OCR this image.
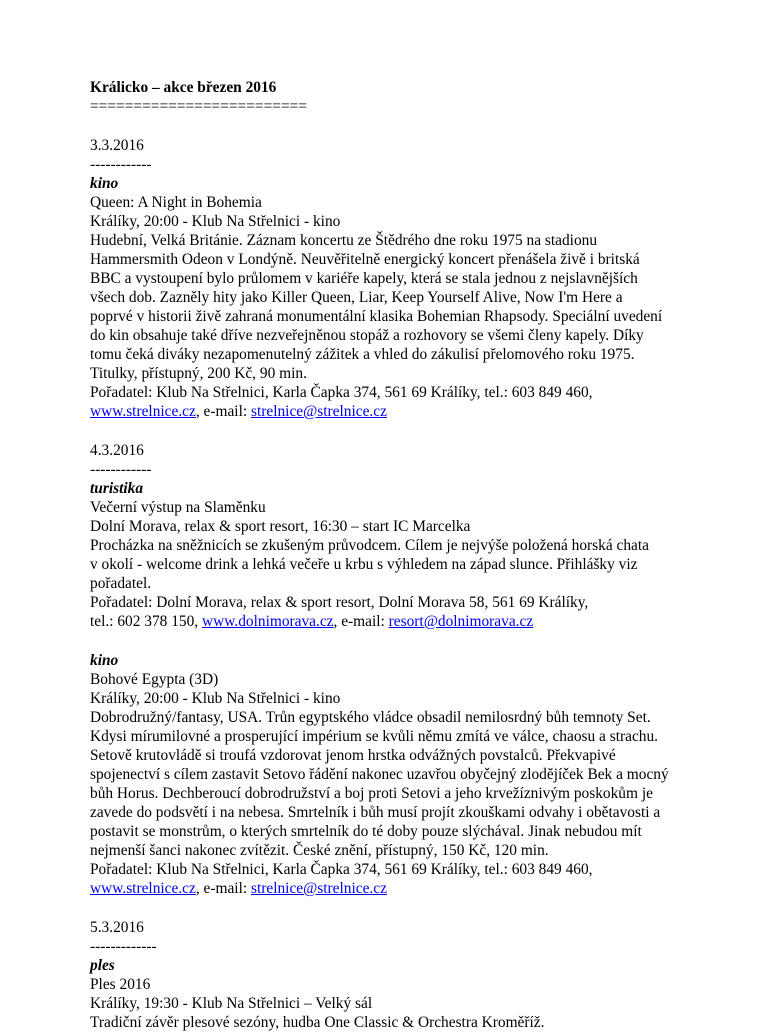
Králicko – akce březen 2016
=========================
3.3.2016
------------
kino
Queen: A Night in Bohemia
Králíky, 20:00 - Klub Na Střelnici - kino
Hudební, Velká Británie. Záznam koncertu ze Štědrého dne roku 1975 na stadionu
Hammersmith Odeon v Londýně. Neuvěřitelně energický koncert přenášela živě i britská
BBC a vystoupení bylo průlomem v kariéře kapely, která se stala jednou z nejslavnějších
všech dob. Zazněly hity jako Killer Queen, Liar, Keep Yourself Alive, Now I'm Here a
poprvé v historii živě zahraná monumentální klasika Bohemian Rhapsody. Speciální uvedení
do kin obsahuje také dříve nezveřejněnou stopáž a rozhovory se všemi členy kapely. Díky
tomu čeká diváky nezapomenutelný zážitek a vhled do zákulisí přelomového roku 1975.
Titulky, přístupný, 200 Kč, 90 min.
Pořadatel: Klub Na Střelnici, Karla Čapka 374, 561 69 Králíky, tel.: 603 849 460,
www.strelnice.cz, e-mail: strelnice@strelnice.cz
4.3.2016
------------
turistika
Večerní výstup na Slaměnku
Dolní Morava, relax & sport resort, 16:30 – start IC Marcelka
Procházka na sněžnicích se zkušeným průvodcem. Cílem je nejvýše položená horská chata
v okolí - welcome drink a lehká večeře u krbu s výhledem na západ slunce. Přihlášky viz
pořadatel.
Pořadatel: Dolní Morava, relax & sport resort, Dolní Morava 58, 561 69 Králíky,
tel.: 602 378 150, www.dolnimorava.cz, e-mail: resort@dolnimorava.cz
kino
Bohové Egypta (3D)
Králíky, 20:00 - Klub Na Střelnici - kino
Dobrodružný/fantasy, USA. Trůn egyptského vládce obsadil nemilosrdný bůh temnoty Set.
Kdysi mírumilovné a prosperující impérium se kvůli němu zmítá ve válce, chaosu a strachu.
Setově krutovládě si troufá vzdorovat jenom hrstka odvážných povstalců. Překvapivé
spojenectví s cílem zastavit Setovo řádění nakonec uzavřou obyčejný zlodějíček Bek a mocný
bůh Horus. Dechberoucí dobrodružství a boj proti Setovi a jeho krvežíznivým poskokům je
zavede do podsvětí i na nebesa. Smrtelník i bůh musí projít zkouškami odvahy i obětavosti a
postavit se monstrům, o kterých smrtelník do té doby pouze slýchával. Jinak nebudou mít
nejmenší šanci nakonec zvítězit. České znění, přístupný, 150 Kč, 120 min.
Pořadatel: Klub Na Střelnici, Karla Čapka 374, 561 69 Králíky, tel.: 603 849 460,
www.strelnice.cz, e-mail: strelnice@strelnice.cz
5.3.2016
-------------
ples
Ples 2016
Králíky, 19:30 - Klub Na Střelnici – Velký sál
Tradiční závěr plesové sezóny, hudba One Classic & Orchestra Kroměříž.
